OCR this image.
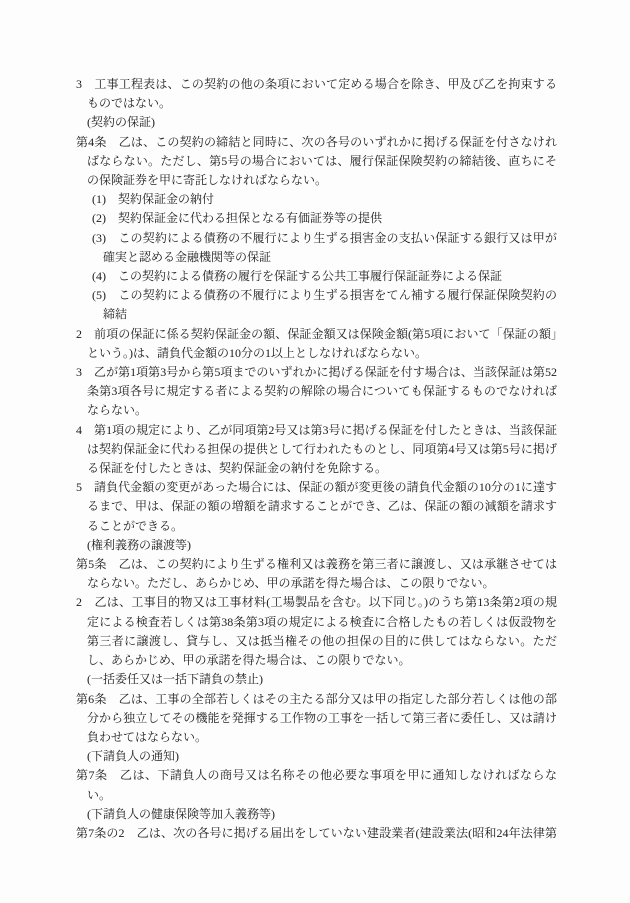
3　工事工程表は、この契約の他の条項において定める場合を除き、甲及び乙を拘束するものではない。

(契約の保証)

第4条　乙は、この契約の締結と同時に、次の各号のいずれかに掲げる保証を付さなければならない。ただし、第5号の場合においては、履行保証保険契約の締結後、直ちにその保険証券を甲に寄託しなければならない。

(1)　契約保証金の納付

(2)　契約保証金に代わる担保となる有価証券等の提供

(3)　この契約による債務の不履行により生ずる損害金の支払い保証する銀行又は甲が確実と認める金融機関等の保証

(4)　この契約による債務の履行を保証する公共工事履行保証証券による保証

(5)　この契約による債務の不履行により生ずる損害をてん補する履行保証保険契約の締結

2　前項の保証に係る契約保証金の額、保証金額又は保険金額(第5項において「保証の額」という。)は、請負代金額の10分の1以上としなければならない。

3　乙が第1項第3号から第5項までのいずれかに掲げる保証を付す場合は、当該保証は第52条第3項各号に規定する者による契約の解除の場合についても保証するものでなければならない。

4　第1項の規定により、乙が同項第2号又は第3号に掲げる保証を付したときは、当該保証は契約保証金に代わる担保の提供として行われたものとし、同項第4号又は第5号に掲げる保証を付したときは、契約保証金の納付を免除する。

5　請負代金額の変更があった場合には、保証の額が変更後の請負代金額の10分の1に達するまで、甲は、保証の額の増額を請求することができ、乙は、保証の額の減額を請求することができる。

(権利義務の譲渡等)

第5条　乙は、この契約により生ずる権利又は義務を第三者に譲渡し、又は承継させてはならない。ただし、あらかじめ、甲の承諾を得た場合は、この限りでない。

2　乙は、工事目的物又は工事材料(工場製品を含む。以下同じ。)のうち第13条第2項の規定による検査若しくは第38条第3項の規定による検査に合格したもの若しくは仮設物を第三者に譲渡し、貸与し、又は抵当権その他の担保の目的に供してはならない。ただし、あらかじめ、甲の承諾を得た場合は、この限りでない。

(一括委任又は一括下請負の禁止)

第6条　乙は、工事の全部若しくはその主たる部分又は甲の指定した部分若しくは他の部分から独立してその機能を発揮する工作物の工事を一括して第三者に委任し、又は請け負わせてはならない。

(下請負人の通知)

第7条　乙は、下請負人の商号又は名称その他必要な事項を甲に通知しなければならない。

(下請負人の健康保険等加入義務等)

第7条の2　乙は、次の各号に掲げる届出をしていない建設業者(建設業法(昭和24年法律第
